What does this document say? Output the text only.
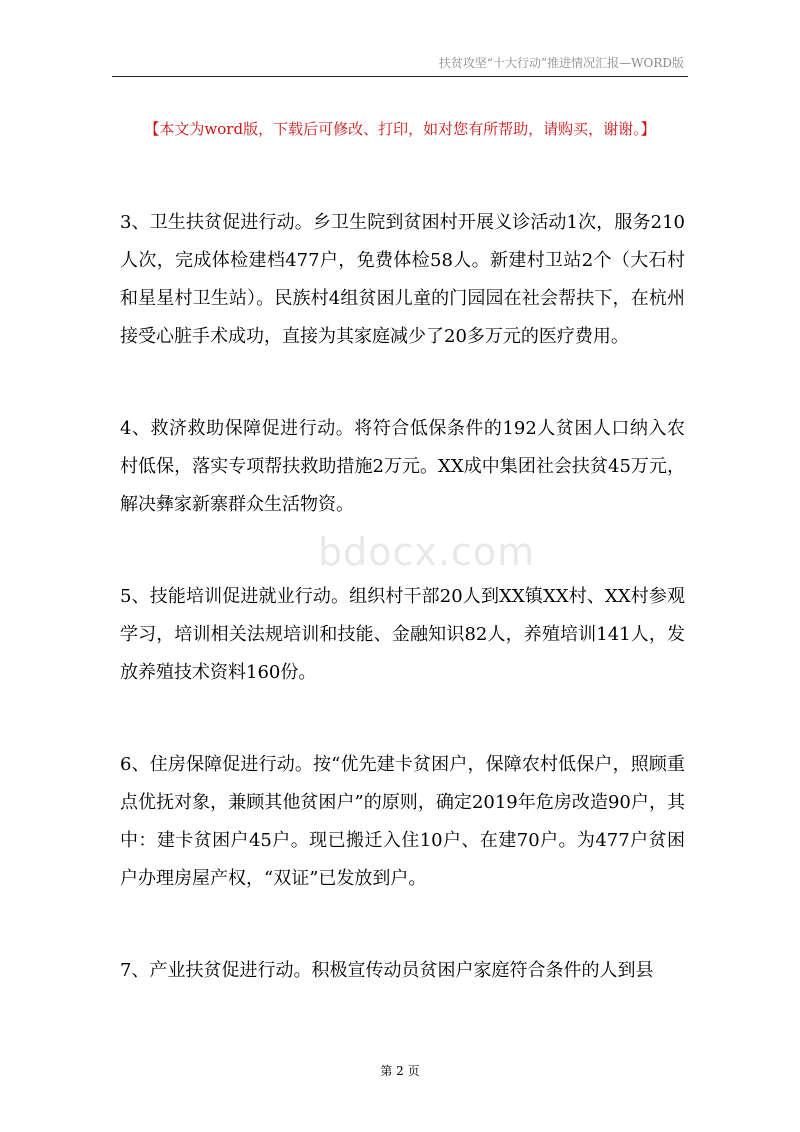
扶贫攻坚“十大行动”推进情况汇报—WORD版
【本文为word版，下载后可修改、打印，如对您有所帮助，请购买，谢谢。】

3、卫生扶贫促进行动。乡卫生院到贫困村开展义诊活动1次，服务210人次，完成体检建档477户，免费体检58人。新建村卫站2个（大石村和星星村卫生站）。民族村4组贫困儿童的门园园在社会帮扶下，在杭州接受心脏手术成功，直接为其家庭减少了20多万元的医疗费用。

4、救济救助保障促进行动。将符合低保条件的192人贫困人口纳入农村低保，落实专项帮扶救助措施2万元。XX成中集团社会扶贫45万元，解决彝家新寨群众生活物资。

5、技能培训促进就业行动。组织村干部20人到XX镇XX村、XX村参观学习，培训相关法规培训和技能、金融知识82人，养殖培训141人，发放养殖技术资料160份。

6、住房保障促进行动。按“优先建卡贫困户，保障农村低保户，照顾重点优抚对象，兼顾其他贫困户”的原则，确定2019年危房改造90户，其中：建卡贫困户45户。现已搬迁入住10户、在建70户。为477户贫困户办理房屋产权，“双证”已发放到户。

7、产业扶贫促进行动。积极宣传动员贫困户家庭符合条件的人到县

bdocx.com
第 2 页
